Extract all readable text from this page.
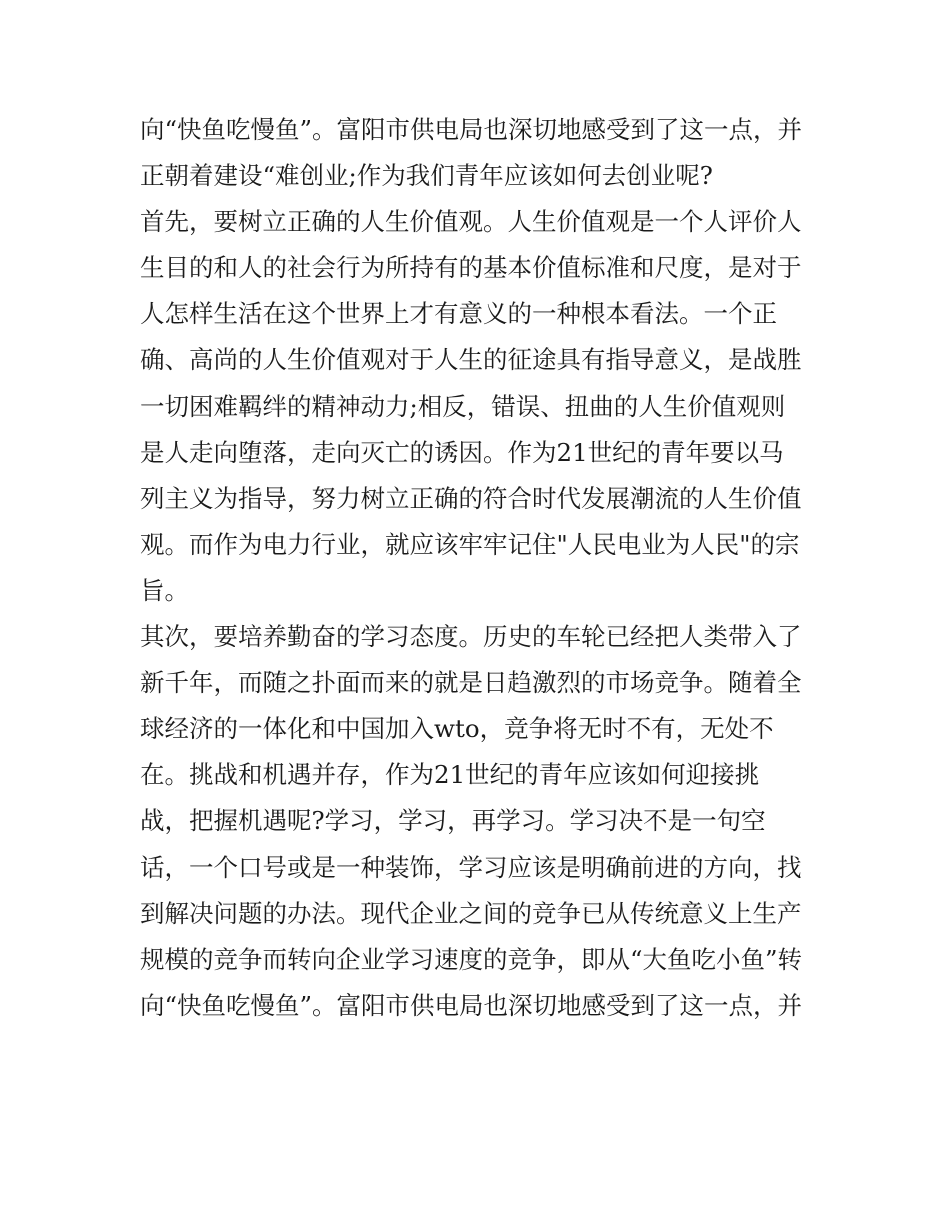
向“快鱼吃慢鱼”。富阳市供电局也深切地感受到了这一点，并
正朝着建设“难创业;作为我们青年应该如何去创业呢?
首先，要树立正确的人生价值观。人生价值观是一个人评价人
生目的和人的社会行为所持有的基本价值标准和尺度，是对于
人怎样生活在这个世界上才有意义的一种根本看法。一个正
确、高尚的人生价值观对于人生的征途具有指导意义，是战胜
一切困难羁绊的精神动力;相反，错误、扭曲的人生价值观则
是人走向堕落，走向灭亡的诱因。作为21世纪的青年要以马
列主义为指导，努力树立正确的符合时代发展潮流的人生价值
观。而作为电力行业，就应该牢牢记住"人民电业为人民"的宗
旨。
其次，要培养勤奋的学习态度。历史的车轮已经把人类带入了
新千年，而随之扑面而来的就是日趋激烈的市场竞争。随着全
球经济的一体化和中国加入wto，竞争将无时不有，无处不
在。挑战和机遇并存，作为21世纪的青年应该如何迎接挑
战，把握机遇呢?学习，学习，再学习。学习决不是一句空
话，一个口号或是一种装饰，学习应该是明确前进的方向，找
到解决问题的办法。现代企业之间的竞争已从传统意义上生产
规模的竞争而转向企业学习速度的竞争，即从“大鱼吃小鱼”转
向“快鱼吃慢鱼”。富阳市供电局也深切地感受到了这一点，并
